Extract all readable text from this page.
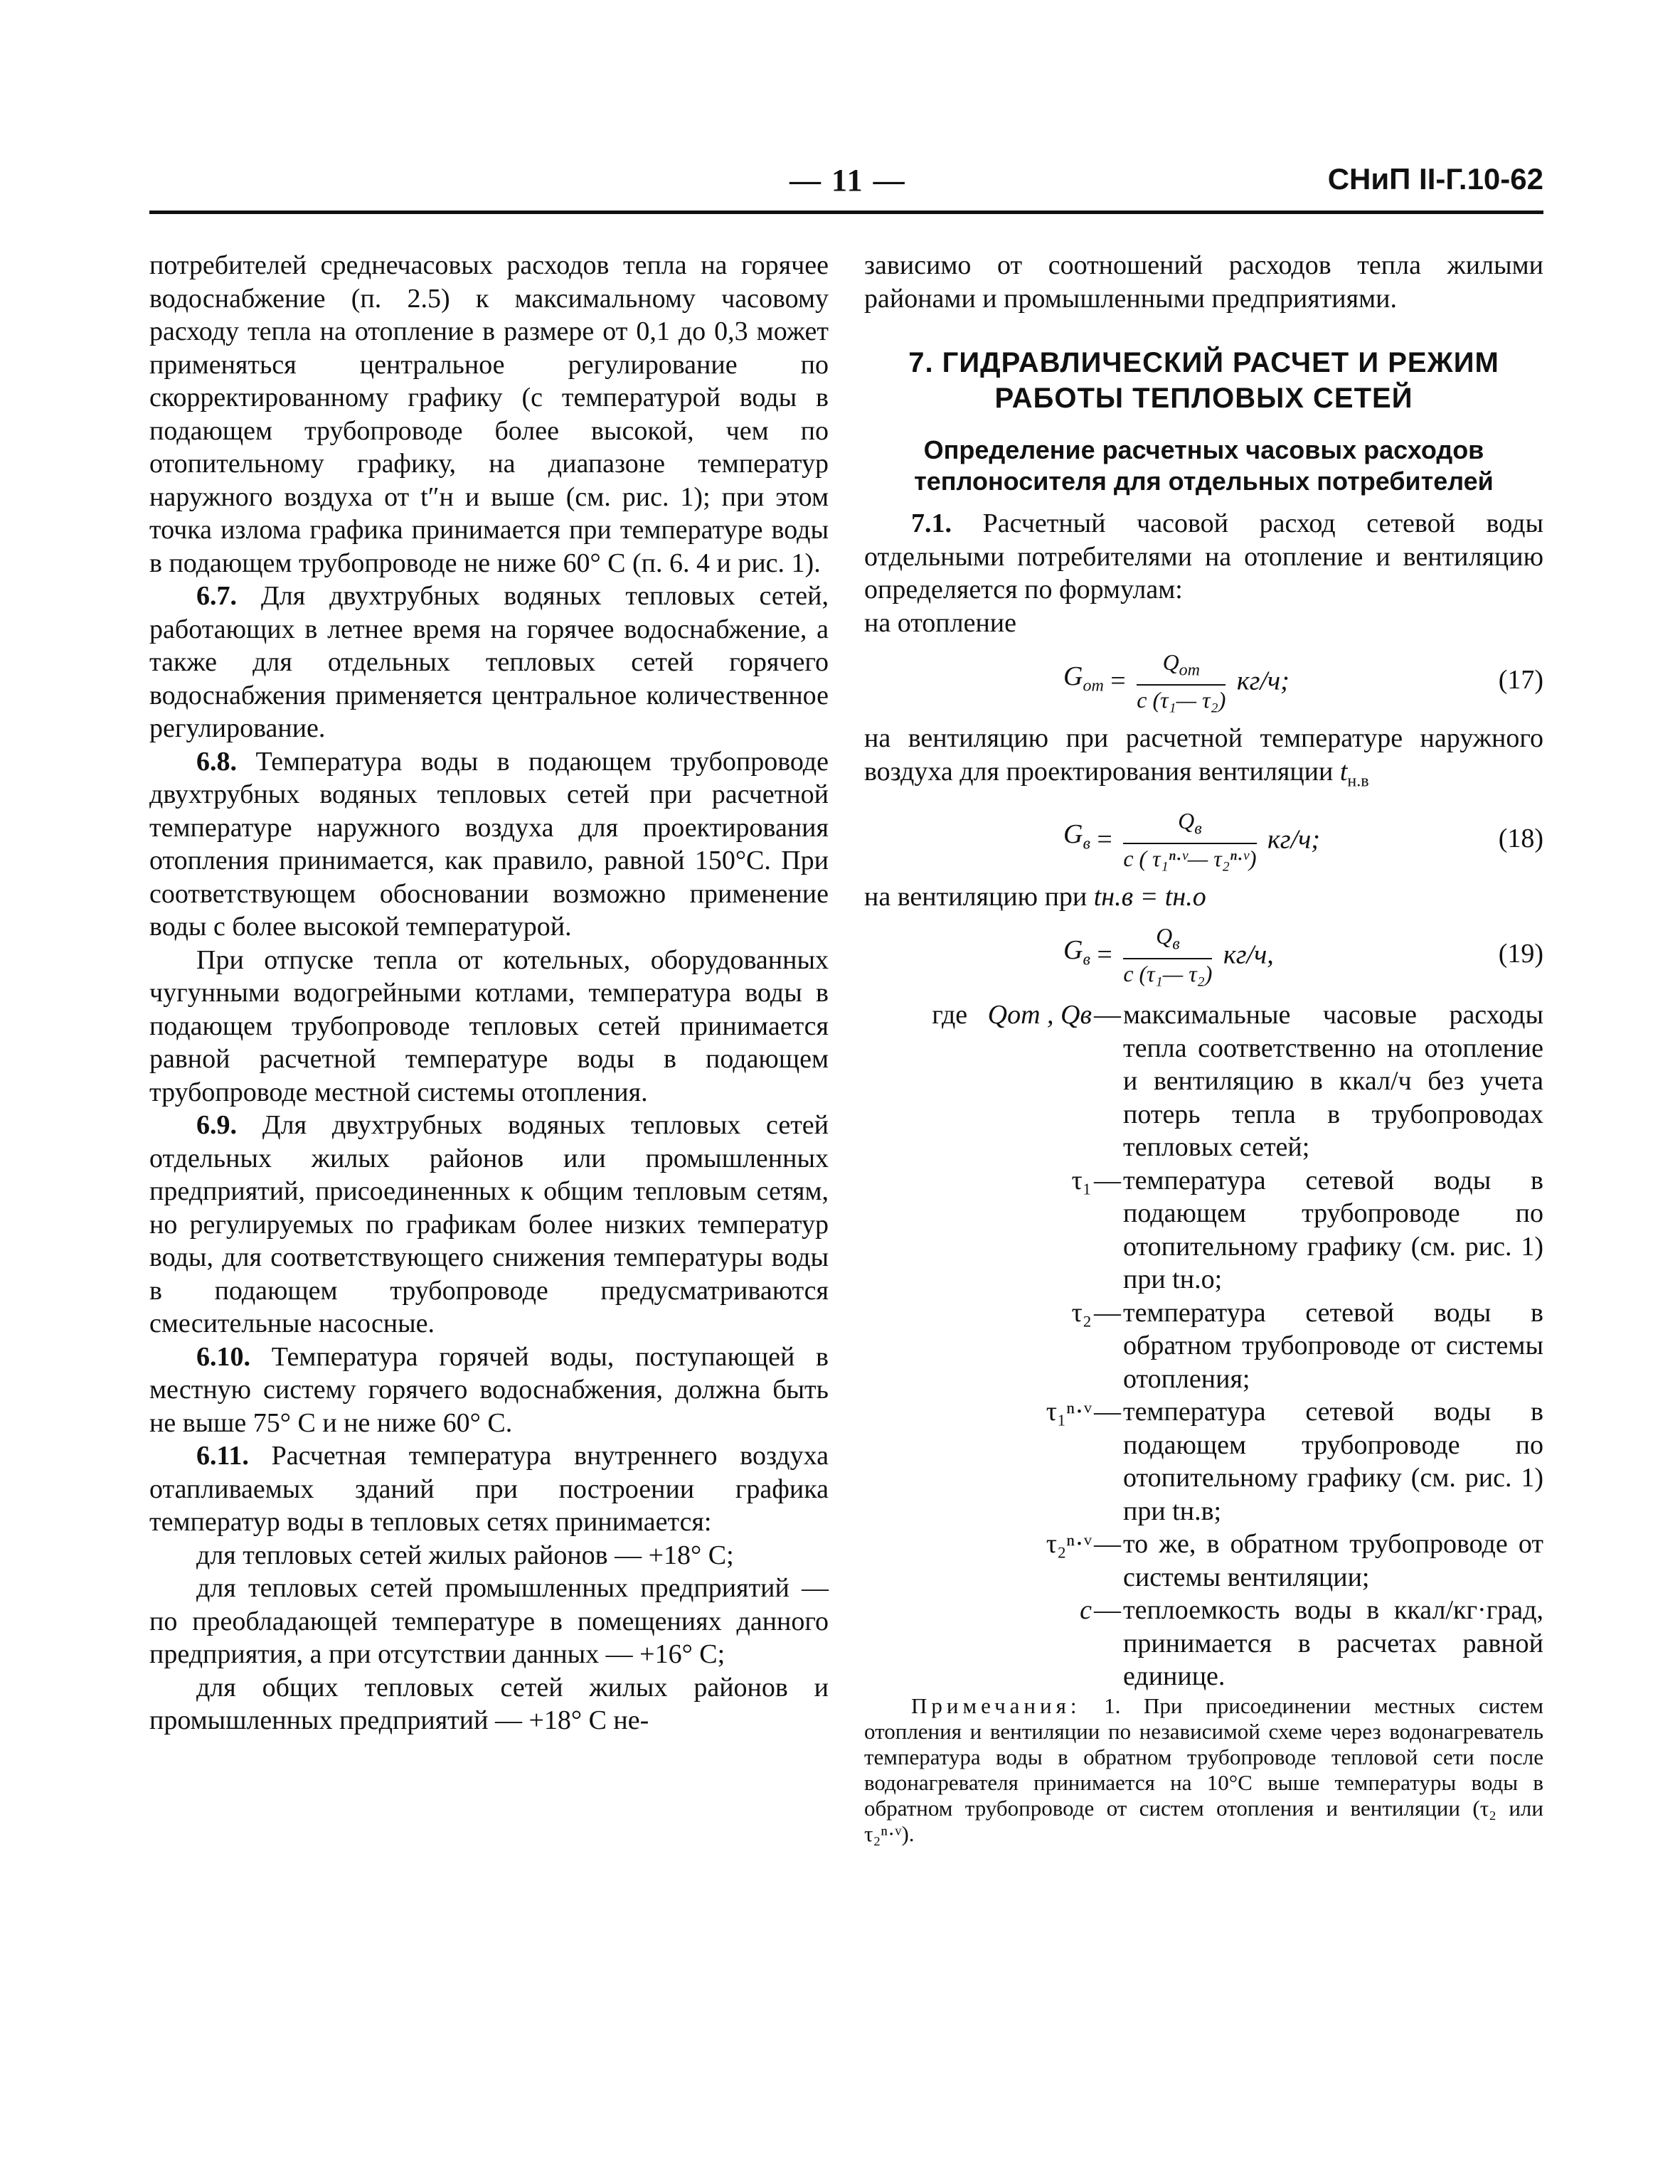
— 11 —	СНиП II-Г.10-62

потребителей среднечасовых расходов тепла на горячее водоснабжение (п. 2.5) к максимальному часовому расходу тепла на отопление в размере от 0,1 до 0,3 может применяться центральное регулирование по скорректированному графику (с температурой воды в подающем трубопроводе более высокой, чем по отопительному графику, на диапазоне температур наружного воздуха от t″н и выше (см. рис. 1); при этом точка излома графика принимается при температуре воды в подающем трубопроводе не ниже 60° С (п. 6. 4 и рис. 1).

6.7. Для двухтрубных водяных тепловых сетей, работающих в летнее время на горячее водоснабжение, а также для отдельных тепловых сетей горячего водоснабжения применяется центральное количественное регулирование.

6.8. Температура воды в подающем трубопроводе двухтрубных водяных тепловых сетей при расчетной температуре наружного воздуха для проектирования отопления принимается, как правило, равной 150°С. При соответствующем обосновании возможно применение воды с более высокой температурой.

При отпуске тепла от котельных, оборудованных чугунными водогрейными котлами, температура воды в подающем трубопроводе тепловых сетей принимается равной расчетной температуре воды в подающем трубопроводе местной системы отопления.

6.9. Для двухтрубных водяных тепловых сетей отдельных жилых районов или промышленных предприятий, присоединенных к общим тепловым сетям, но регулируемых по графикам более низких температур воды, для соответствующего снижения температуры воды в подающем трубопроводе предусматриваются смесительные насосные.

6.10. Температура горячей воды, поступающей в местную систему горячего водоснабжения, должна быть не выше 75° С и не ниже 60° С.

6.11. Расчетная температура внутреннего воздуха отапливаемых зданий при построении графика температур воды в тепловых сетях принимается:

для тепловых сетей жилых районов — +18° С;

для тепловых сетей промышленных предприятий — по преобладающей температуре в помещениях данного предприятия, а при отсутствии данных — +16° С;

для общих тепловых сетей жилых районов и промышленных предприятий — +18° С не-

зависимо от соотношений расходов тепла жилыми районами и промышленными предприятиями.

7. ГИДРАВЛИЧЕСКИЙ РАСЧЕТ И РЕЖИМ РАБОТЫ ТЕПЛОВЫХ СЕТЕЙ
Определение расчетных часовых расходов теплоносителя для отдельных потребителей

7.1. Расчетный часовой расход сетевой воды отдельными потребителями на отопление и вентиляцию определяется по формулам:

на отопление

$G_{от} = \frac{Q_{от}}{\text{c (τ₁— τ₂)}} кг/ч$;	(17)

на вентиляцию при расчетной температуре наружного воздуха для проектирования вентиляции $t_{н.в}$

$G_в = \frac{Q_в}{\text{c ( τ₁ⁿ·ᵛ— τ₂ⁿ·ᵛ)}} кг/ч$;	(18)

на вентиляцию при tн.в = tн.о

$G_в = \frac{Q_в}{\text{c (τ₁— τ₂)}} кг/ч$,	(19)
где Qот , Qв — максимальные часовые расходы тепла соответственно на отопление и вентиляцию в ккал/ч без учета потерь тепла в трубопроводах тепловых сетей;
τ₁ — температура сетевой воды в подающем трубопроводе по отопительному графику (см. рис. 1) при tн.о;
τ₂ — температура сетевой воды в обратном трубопроводе от системы отопления;
τ₁ⁿ·ᵛ — температура сетевой воды в подающем трубопроводе по отопительному графику (см. рис. 1) при tн.в;
τ₂ⁿ·ᵛ — то же, в обратном трубопроводе от системы вентиляции;
c — теплоемкость воды в ккал/кг·град, принимается в расчетах равной единице.

Примечания: 1. При присоединении местных систем отопления и вентиляции по независимой схеме через водонагреватель температура воды в обратном трубопроводе тепловой сети после водонагревателя принимается на 10°С выше температуры воды в обратном трубопроводе от систем отопления и вентиляции (τ₂ или τ₂ⁿ·ᵛ).
